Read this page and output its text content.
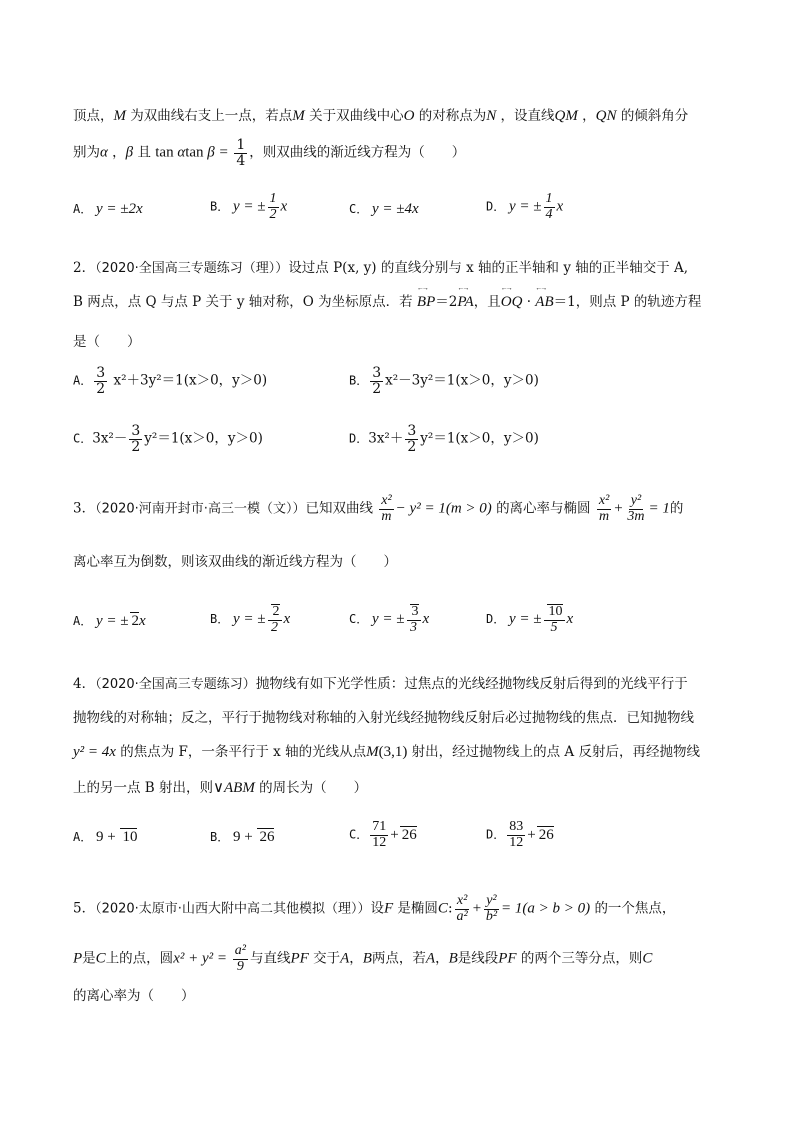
顶点，M 为双曲线右支上一点，若点M 关于双曲线中心O 的对称点为N ，设直线QM ，QN 的倾斜角分
别为α ，β 且 tan αtan $\beta = \frac{1}{4}$ ，则双曲线的渐近线方程为（　　）
A． y = ±2x	B． y = ± $\frac{1}{2}$ x	C． y = ±4x	D． y = ± $\frac{1}{4}$ x
2．（2020·全国高三专题练习（理））设过点 P(x, y) 的直线分别与 x 轴的正半轴和 y 轴的正半轴交于 A,
B 两点，点 Q 与点 P 关于 y 轴对称，O 为坐标原点．若 ←→ BP＝2←→ PA，且←→ OQ · ←→ AB＝1，则点 P 的轨迹方程
是（　　）
A． $\frac{3}{2} x^2+3y^2=1(x>0$，y＞0)	B． $\frac{3}{2} x^2-3y^2=1(x>0$，y＞0)
C．$3x^2- \frac{3}{2} y^2=1(x>0$，y＞0)	D．$3x^2+ \frac{3}{2} y^2=1(x>0$，y＞0)
3．（2020·河南开封市·高三一模（文））已知双曲线 $\frac{\text{x²}}{m} - y^2 = 1(m > 0)$ 的离心率与椭圆 $\frac{\text{x²}}{m} + \frac{\text{y²}}{3m} = 1$的
离心率互为倒数，则该双曲线的渐近线方程为（　　）
A． y = ± 2x	B． y = ± $\frac{2}{2}$ x	C． y = ± $\frac{3}{3}$ x	D． y = ± $\frac{10}{5}$ x
4．（2020·全国高三专题练习）抛物线有如下光学性质：过焦点的光线经抛物线反射后得到的光线平行于
抛物线的对称轴；反之，平行于抛物线对称轴的入射光线经抛物线反射后必过抛物线的焦点．已知抛物线
y² = 4x 的焦点为 F，一条平行于 x 轴的光线从点M(3,1) 射出，经过抛物线上的点 A 反射后，再经抛物线
上的另一点 B 射出，则∨ABM 的周长为（　　）
A． 9 + 10	B． 9 + 26	C． $\frac{71}{12} + 26$	D． $\frac{83}{12} + 26$
5．（2020·太原市·山西大附中高二其他模拟（理））设F 是椭圆C: $\frac{\text{x²}}{\text{a²}} + \frac{\text{y²}}{\text{b²}} = 1(a > b > 0)$ 的一个焦点，
P是C上的点，圆$x^2 + y^2 = \frac{\text{a²}}{9}$ 与直线PF 交于A，B两点，若A，B是线段PF 的两个三等分点，则C
的离心率为（　　）
